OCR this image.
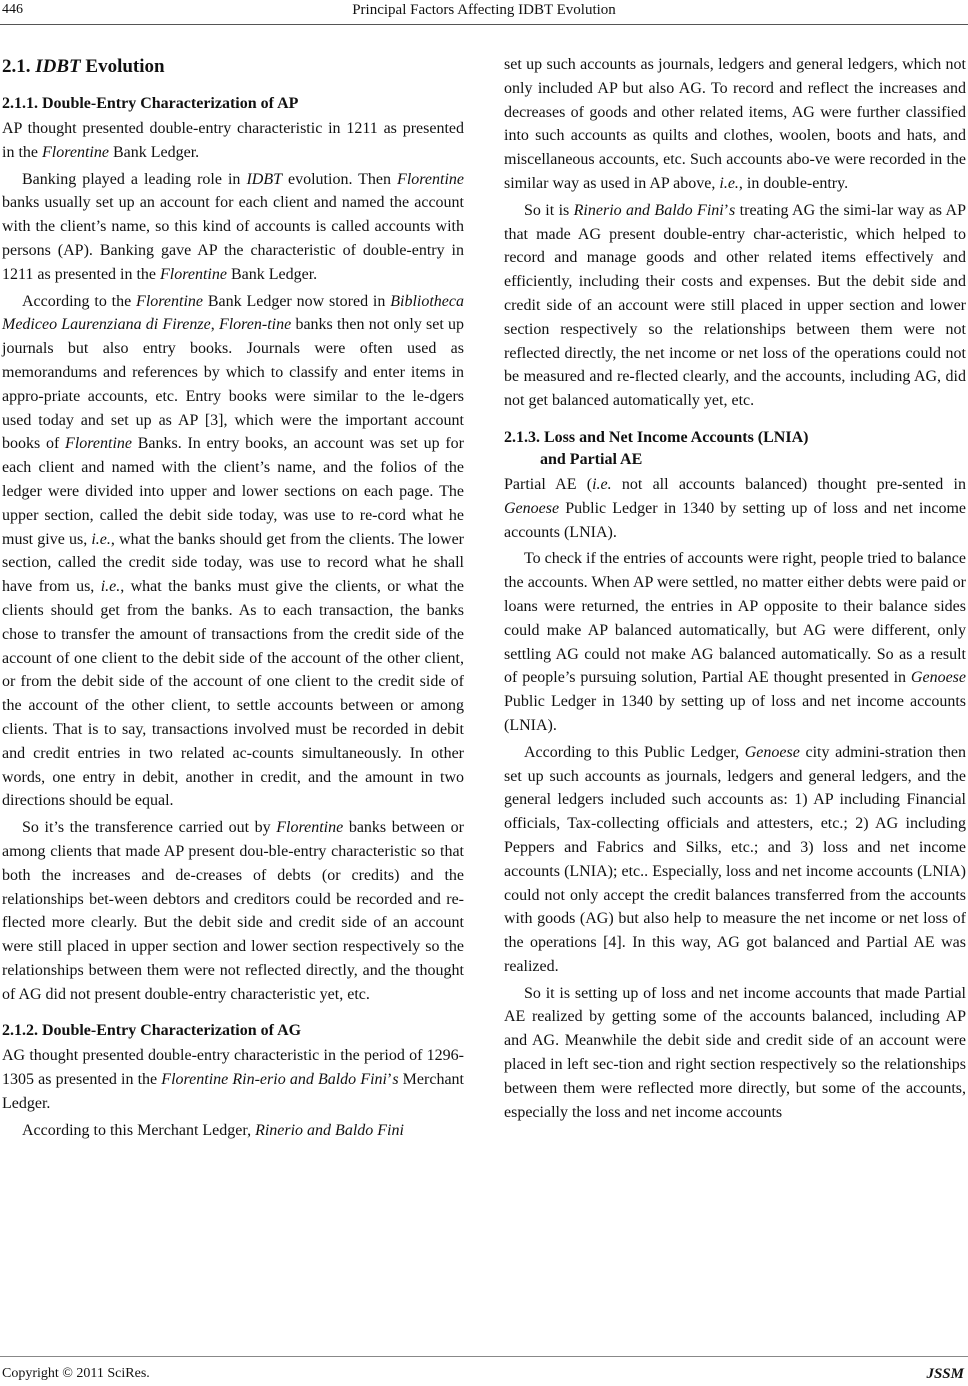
446	Principal Factors Affecting IDBT Evolution
2.1. IDBT Evolution
2.1.1. Double-Entry Characterization of AP

AP thought presented double-entry characteristic in 1211 as presented in the Florentine Bank Ledger.

Banking played a leading role in IDBT evolution. Then Florentine banks usually set up an account for each client and named the account with the client’s name, so this kind of accounts is called accounts with persons (AP). Banking gave AP the characteristic of double-entry in 1211 as presented in the Florentine Bank Ledger.

According to the Florentine Bank Ledger now stored in Bibliotheca Mediceo Laurenziana di Firenze, Floren-tine banks then not only set up journals but also entry books. Journals were often used as memorandums and references by which to classify and enter items in appro-priate accounts, etc. Entry books were similar to the le-dgers used today and set up as AP [3], which were the important account books of Florentine Banks. In entry books, an account was set up for each client and named with the client’s name, and the folios of the ledger were divided into upper and lower sections on each page. The upper section, called the debit side today, was use to re-cord what he must give us, i.e., what the banks should get from the clients. The lower section, called the credit side today, was use to record what he shall have from us, i.e., what the banks must give the clients, or what the clients should get from the banks. As to each transaction, the banks chose to transfer the amount of transactions from the credit side of the account of one client to the debit side of the account of the other client, or from the debit side of the account of one client to the credit side of the account of the other client, to settle accounts between or among clients. That is to say, transactions involved must be recorded in debit and credit entries in two related ac-counts simultaneously. In other words, one entry in debit, another in credit, and the amount in two directions should be equal.

So it’s the transference carried out by Florentine banks between or among clients that made AP present dou-ble-entry characteristic so that both the increases and de-creases of debts (or credits) and the relationships bet-ween debtors and creditors could be recorded and re-flected more clearly. But the debit side and credit side of an account were still placed in upper section and lower section respectively so the relationships between them were not reflected directly, and the thought of AG did not present double-entry characteristic yet, etc.

2.1.2. Double-Entry Characterization of AG

AG thought presented double-entry characteristic in the period of 1296-1305 as presented in the Florentine Rin-erio and Baldo Fini’s Merchant Ledger.

According to this Merchant Ledger, Rinerio and Baldo Fini

set up such accounts as journals, ledgers and general ledgers, which not only included AP but also AG. To record and reflect the increases and decreases of goods and other related items, AG were further classified into such accounts as quilts and clothes, woolen, boots and hats, and miscellaneous accounts, etc. Such accounts abo-ve were recorded in the similar way as used in AP above, i.e., in double-entry.

So it is Rinerio and Baldo Fini’s treating AG the simi-lar way as AP that made AG present double-entry char-acteristic, which helped to record and manage goods and other related items effectively and efficiently, including their costs and expenses. But the debit side and credit side of an account were still placed in upper section and lower section respectively so the relationships between them were not reflected directly, the net income or net loss of the operations could not be measured and re-flected clearly, and the accounts, including AG, did not get balanced automatically yet, etc.

2.1.3. Loss and Net Income Accounts (LNIA)
and Partial AE

Partial AE (i.e. not all accounts balanced) thought pre-sented in Genoese Public Ledger in 1340 by setting up of loss and net income accounts (LNIA).

To check if the entries of accounts were right, people tried to balance the accounts. When AP were settled, no matter either debts were paid or loans were returned, the entries in AP opposite to their balance sides could make AP balanced automatically, but AG were different, only settling AG could not make AG balanced automatically. So as a result of people’s pursuing solution, Partial AE thought presented in Genoese Public Ledger in 1340 by setting up of loss and net income accounts (LNIA).

According to this Public Ledger, Genoese city admini-stration then set up such accounts as journals, ledgers and general ledgers, and the general ledgers included such accounts as: 1) AP including Financial officials, Tax-collecting officials and attesters, etc.; 2) AG including Peppers and Fabrics and Silks, etc.; and 3) loss and net income accounts (LNIA); etc.. Especially, loss and net income accounts (LNIA) could not only accept the credit balances transferred from the accounts with goods (AG) but also help to measure the net income or net loss of the operations [4]. In this way, AG got balanced and Partial AE was realized.

So it is setting up of loss and net income accounts that made Partial AE realized by getting some of the accounts balanced, including AP and AG. Meanwhile the debit side and credit side of an account were placed in left sec-tion and right section respectively so the relationships between them were reflected more directly, but some of the accounts, especially the loss and net income accounts

Copyright © 2011 SciRes.	JSSM
